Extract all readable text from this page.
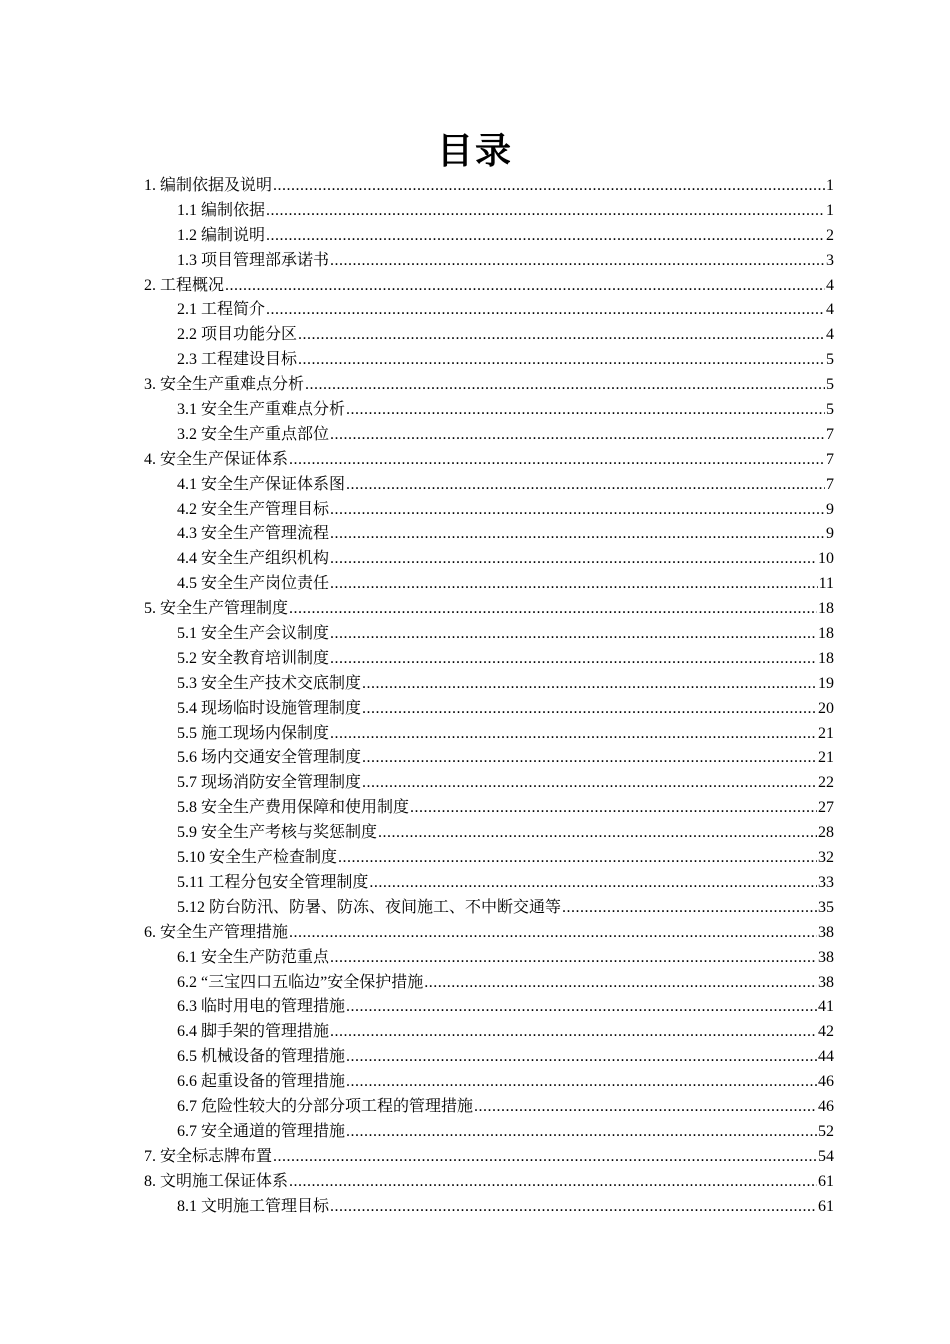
目录
1. 编制依据及说明 .....	1
1.1 编制依据 .....	1
1.2 编制说明 .....	2
1.3 项目管理部承诺书 .....	3
2. 工程概况 .....	4
2.1 工程简介 .....	4
2.2 项目功能分区 .....	4
2.3 工程建设目标 .....	5
3. 安全生产重难点分析 .....	5
3.1 安全生产重难点分析 .....	5
3.2 安全生产重点部位 .....	7
4. 安全生产保证体系 .....	7
4.1 安全生产保证体系图 .....	7
4.2 安全生产管理目标 .....	9
4.3 安全生产管理流程 .....	9
4.4 安全生产组织机构 .....	10
4.5 安全生产岗位责任 .....	11
5. 安全生产管理制度 .....	18
5.1 安全生产会议制度 .....	18
5.2 安全教育培训制度 .....	18
5.3 安全生产技术交底制度 .....	19
5.4 现场临时设施管理制度 .....	20
5.5 施工现场内保制度 .....	21
5.6 场内交通安全管理制度 .....	21
5.7 现场消防安全管理制度 .....	22
5.8 安全生产费用保障和使用制度 .....	27
5.9 安全生产考核与奖惩制度 .....	28
5.10 安全生产检查制度 .....	32
5.11 工程分包安全管理制度 .....	33
5.12 防台防汛、防暑、防冻、夜间施工、不中断交通等 .....	35
6. 安全生产管理措施 .....	38
6.1 安全生产防范重点 .....	38
6.2 “三宝四口五临边”安全保护措施 .....	38
6.3 临时用电的管理措施 .....	41
6.4 脚手架的管理措施 .....	42
6.5 机械设备的管理措施 .....	44
6.6 起重设备的管理措施 .....	46
6.7 危险性较大的分部分项工程的管理措施 .....	46
6.7 安全通道的管理措施 .....	52
7. 安全标志牌布置 .....	54
8. 文明施工保证体系 .....	61
8.1 文明施工管理目标 .....	61
